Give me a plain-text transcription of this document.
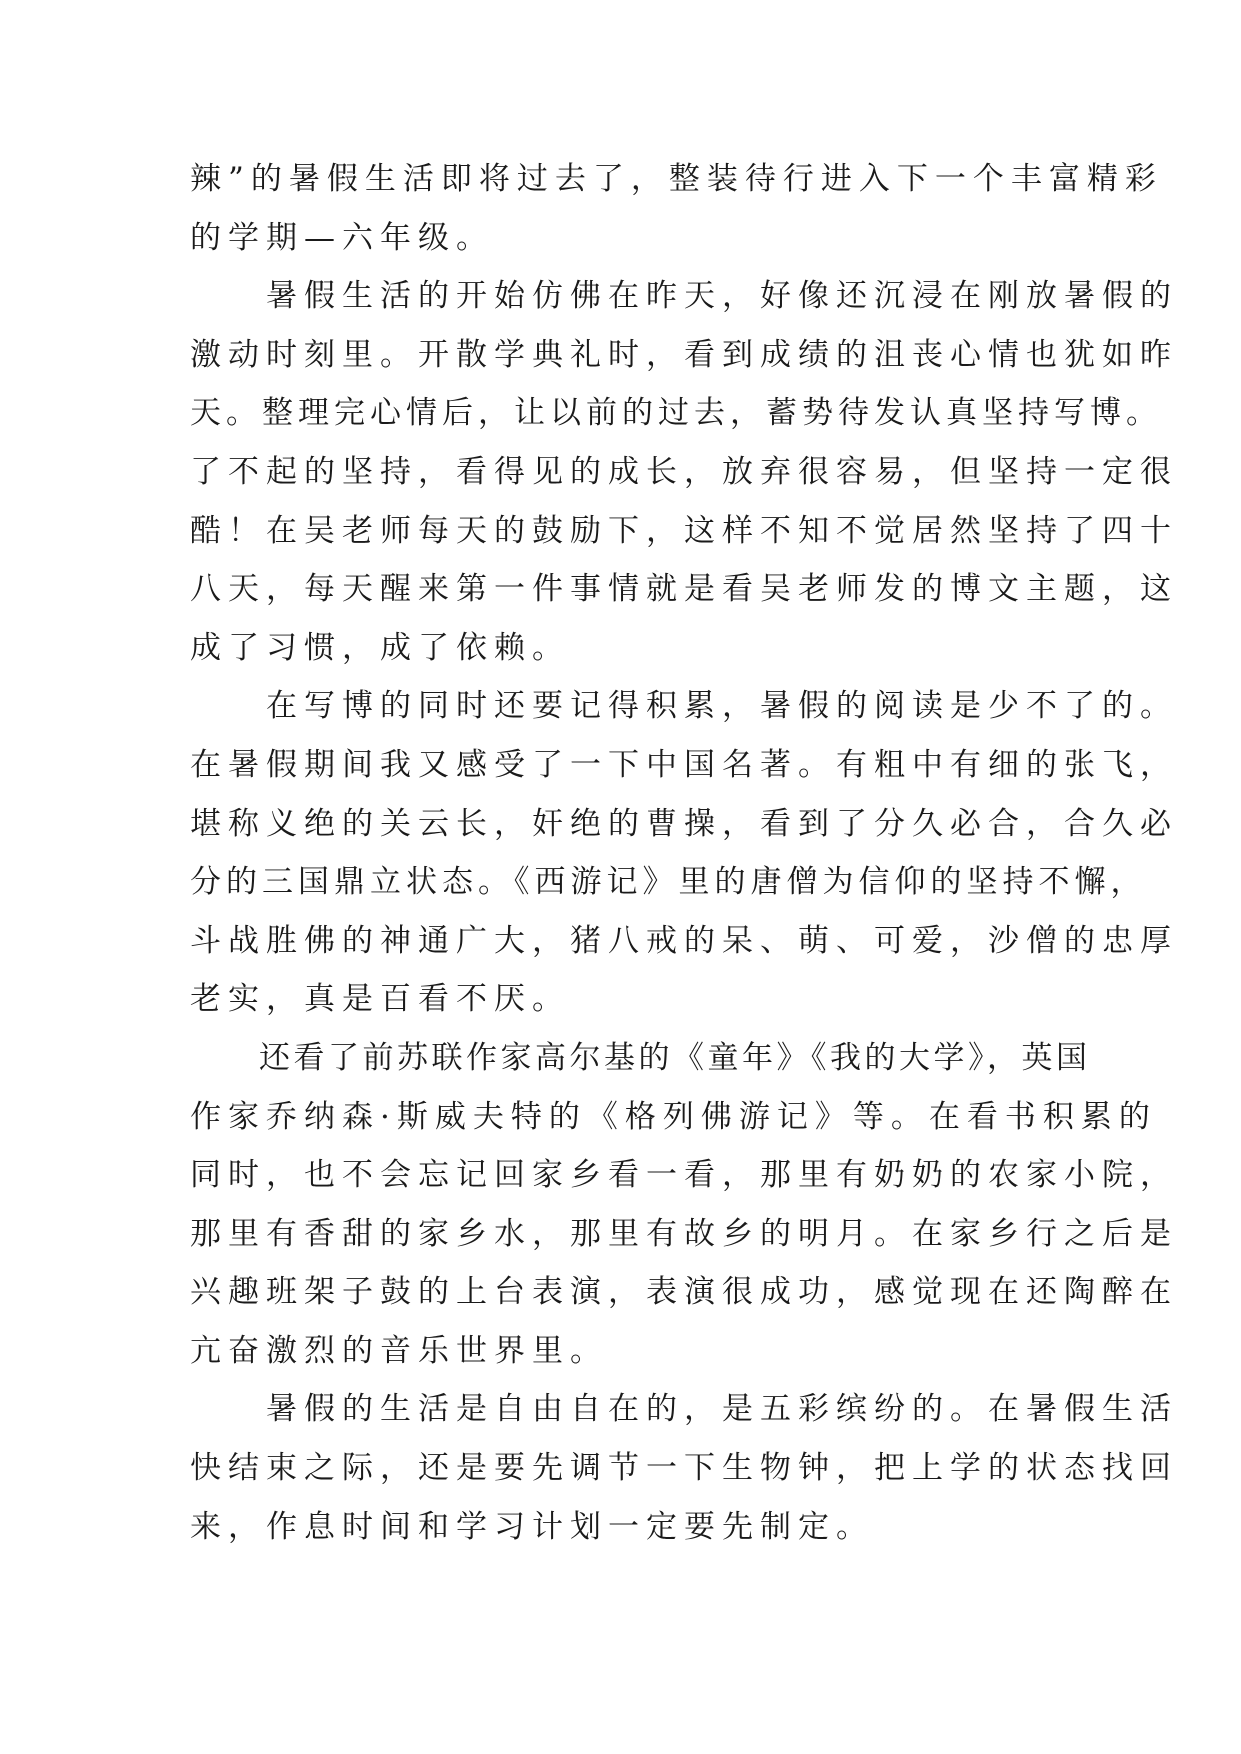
辣”的暑假生活即将过去了，整装待行进入下一个丰富精彩
的学期—六年级。
　　暑假生活的开始仿佛在昨天，好像还沉浸在刚放暑假的
激动时刻里。开散学典礼时，看到成绩的沮丧心情也犹如昨
天。整理完心情后，让以前的过去，蓄势待发认真坚持写博。
了不起的坚持，看得见的成长，放弃很容易，但坚持一定很
酷！在吴老师每天的鼓励下，这样不知不觉居然坚持了四十
八天，每天醒来第一件事情就是看吴老师发的博文主题，这
成了习惯，成了依赖。
　　在写博的同时还要记得积累，暑假的阅读是少不了的。
在暑假期间我又感受了一下中国名著。有粗中有细的张飞，
堪称义绝的关云长，奸绝的曹操，看到了分久必合，合久必
分的三国鼎立状态。《西游记》里的唐僧为信仰的坚持不懈，
斗战胜佛的神通广大，猪八戒的呆、萌、可爱，沙僧的忠厚
老实，真是百看不厌。
　　还看了前苏联作家高尔基的《童年》《我的大学》，英国
作家乔纳森·斯威夫特的《格列佛游记》等。在看书积累的
同时，也不会忘记回家乡看一看，那里有奶奶的农家小院，
那里有香甜的家乡水，那里有故乡的明月。在家乡行之后是
兴趣班架子鼓的上台表演，表演很成功，感觉现在还陶醉在
亢奋激烈的音乐世界里。
　　暑假的生活是自由自在的，是五彩缤纷的。在暑假生活
快结束之际，还是要先调节一下生物钟，把上学的状态找回
来，作息时间和学习计划一定要先制定。
